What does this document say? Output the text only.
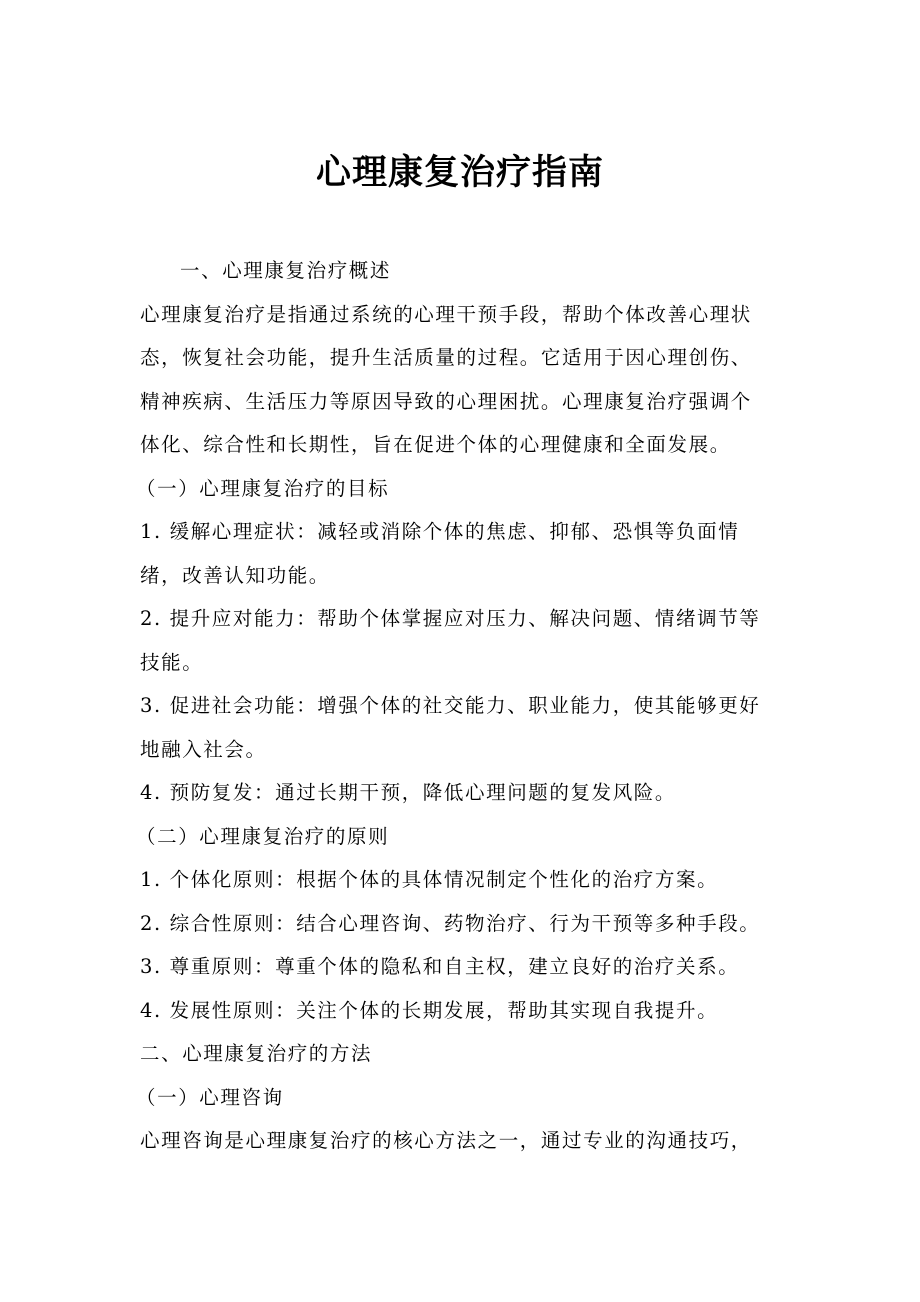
心理康复治疗指南
一、心理康复治疗概述
心理康复治疗是指通过系统的心理干预手段，帮助个体改善心理状
态，恢复社会功能，提升生活质量的过程。它适用于因心理创伤、
精神疾病、生活压力等原因导致的心理困扰。心理康复治疗强调个
体化、综合性和长期性，旨在促进个体的心理健康和全面发展。
（一）心理康复治疗的目标
1. 缓解心理症状：减轻或消除个体的焦虑、抑郁、恐惧等负面情
绪，改善认知功能。
2. 提升应对能力：帮助个体掌握应对压力、解决问题、情绪调节等
技能。
3. 促进社会功能：增强个体的社交能力、职业能力，使其能够更好
地融入社会。
4. 预防复发：通过长期干预，降低心理问题的复发风险。
（二）心理康复治疗的原则
1. 个体化原则：根据个体的具体情况制定个性化的治疗方案。
2. 综合性原则：结合心理咨询、药物治疗、行为干预等多种手段。
3. 尊重原则：尊重个体的隐私和自主权，建立良好的治疗关系。
4. 发展性原则：关注个体的长期发展，帮助其实现自我提升。
二、心理康复治疗的方法
（一）心理咨询
心理咨询是心理康复治疗的核心方法之一，通过专业的沟通技巧，
